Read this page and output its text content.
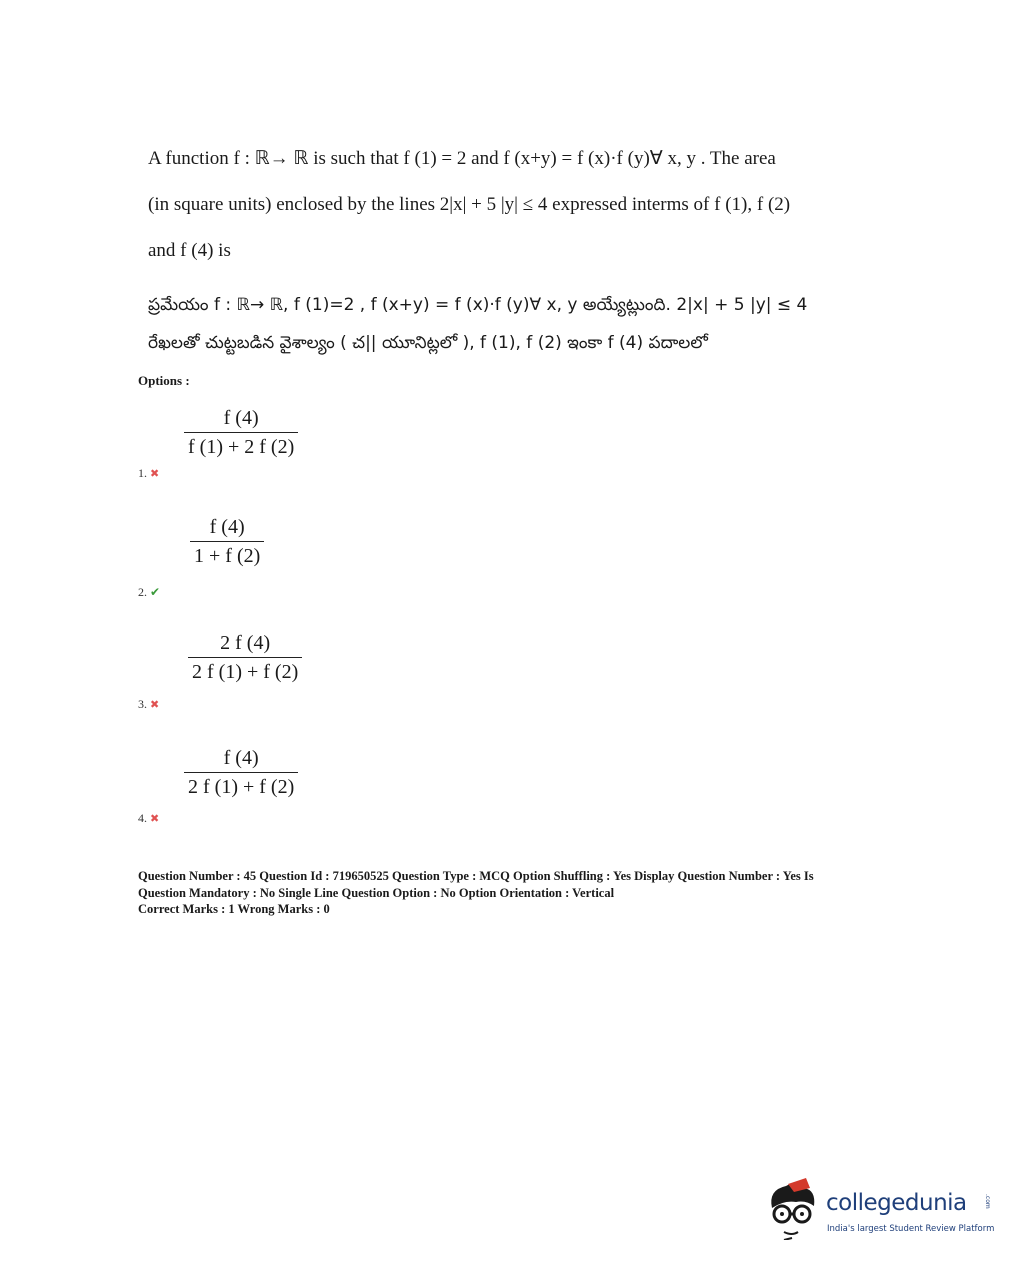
A function f : ℝ→ ℝ is such that f (1) = 2 and f (x+y) = f (x)·f (y)∀ x, y . The area
(in square units) enclosed by the lines 2|x| + 5 |y| ≤ 4 expressed interms of f (1), f (2)
and f (4) is
ప్రమేయం f : ℝ→ ℝ, f (1)=2 , f (x+y) = f (x)·f (y)∀ x, y అయ్యేట్లుంది. 2|x| + 5 |y| ≤ 4
రేఖలతో చుట్టబడిన వైశాల్యం ( చ|| యూనిట్లలో ), f (1), f (2) ఇంకా f (4) పదాలలో
Options :
f (4)
f (1) + 2 f (2)
1. ✖
f (4)
1 + f (2)
2. ✔
2 f (4)
2 f (1) + f (2)
3. ✖
f (4)
2 f (1) + f (2)
4. ✖
Question Number : 45 Question Id : 719650525 Question Type : MCQ Option Shuffling : Yes Display Question Number : Yes Is
Question Mandatory : No Single Line Question Option : No Option Orientation : Vertical
Correct Marks : 1 Wrong Marks : 0
collegedunia	.com
India's largest Student Review Platform
